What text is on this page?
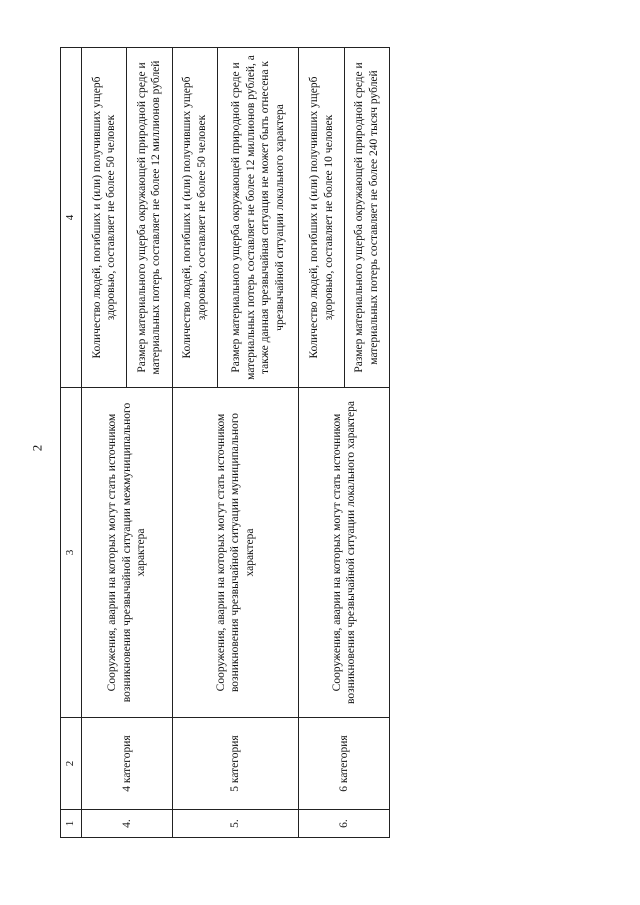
2
1	2	3	4
4.	4 категория	Сооружения, аварии на которых могут стать источником возникновения чрезвычайной ситуации межмуниципального характера	Количество людей, погибших и (или) получивших ущерб здоровью, составляет не более 50 человек
			Размер материального ущерба окружающей природной среде и материальных потерь составляет не более 12 миллионов рублей
5.	5 категория	Сооружения, аварии на которых могут стать источником возникновения чрезвычайной ситуации муниципального характера	Количество людей, погибших и (или) получивших ущерб здоровью, составляет не более 50 человек
			Размер материального ущерба окружающей природной среде и материальных потерь составляет не более 12 миллионов рублей, а также данная чрезвычайная ситуация не может быть отнесена к чрезвычайной ситуации локального характера
6.	6 категория	Сооружения, аварии на которых могут стать источником возникновения чрезвычайной ситуации локального характера	Количество людей, погибших и (или) получивших ущерб здоровью, составляет не более 10 человек
			Размер материального ущерба окружающей природной среде и материальных потерь составляет не более 240 тысяч рублей
